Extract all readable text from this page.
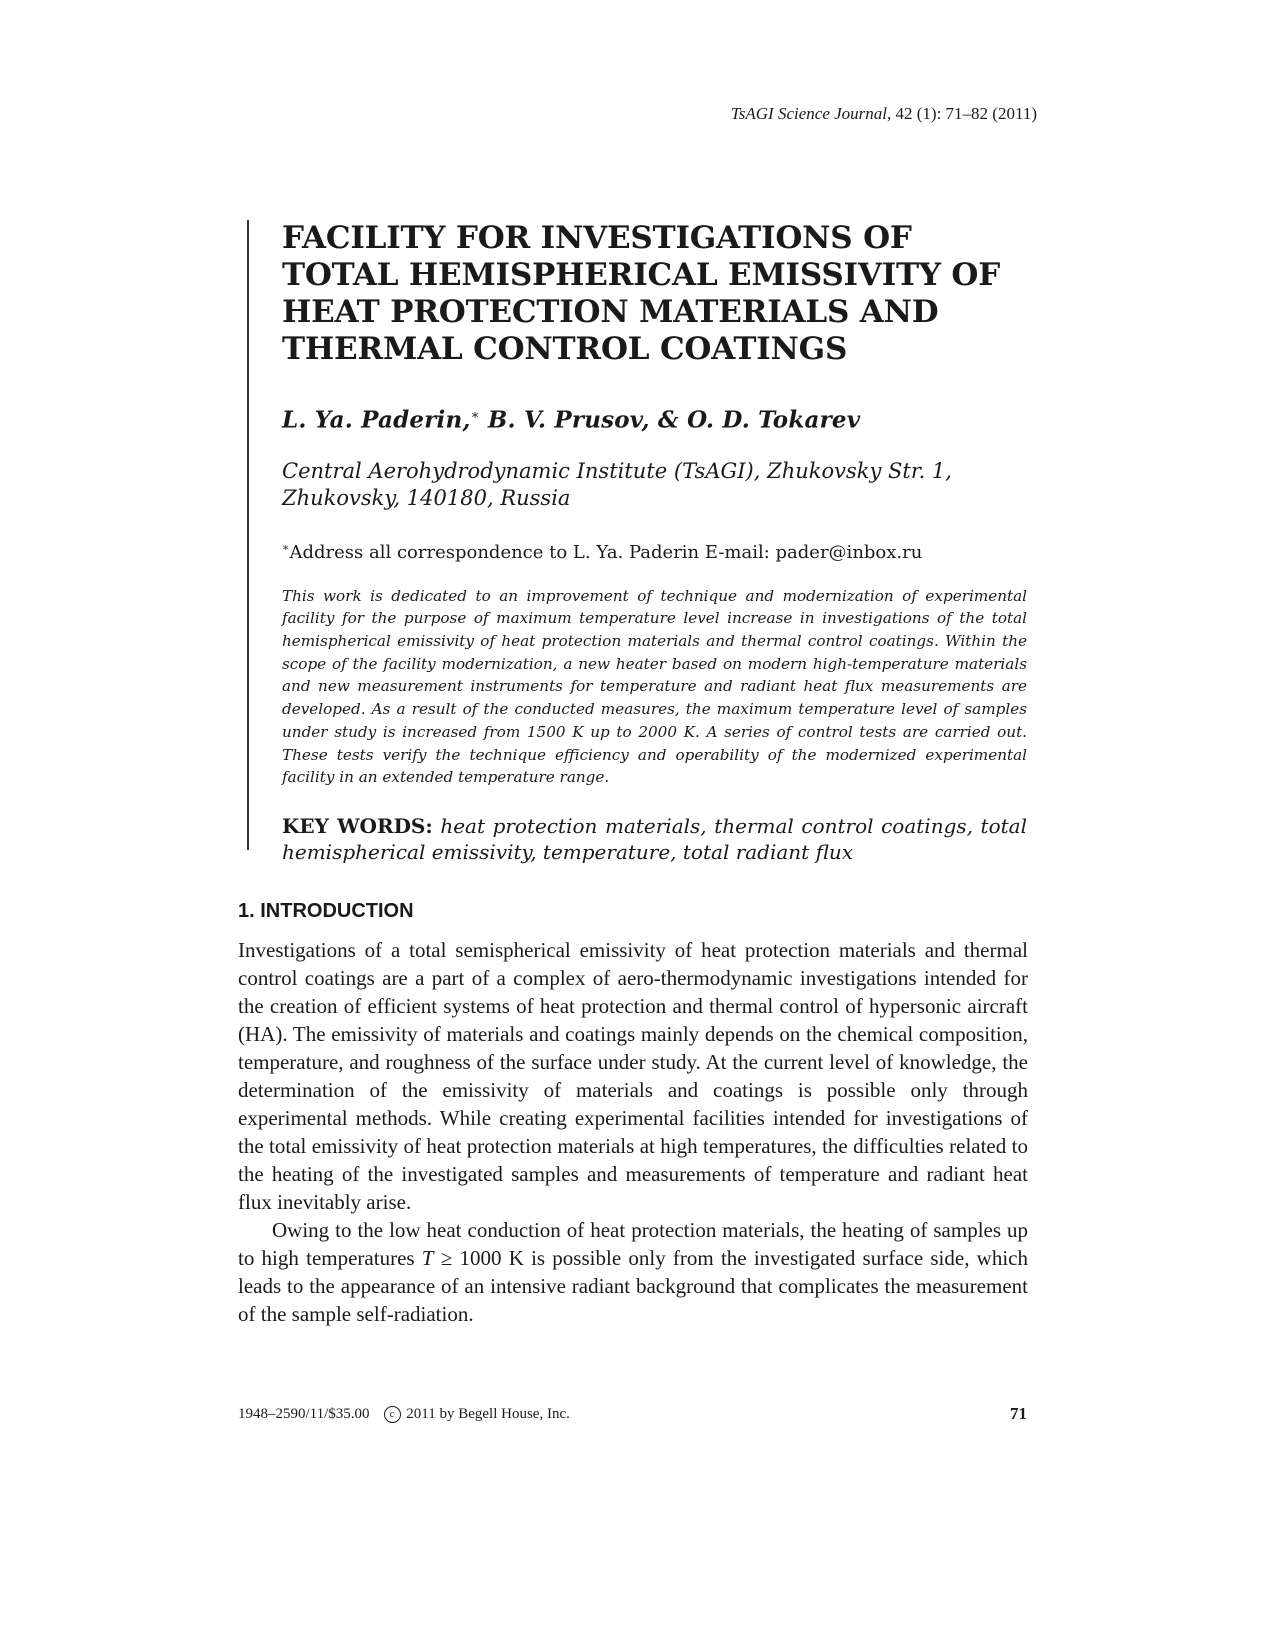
TsAGI Science Journal, 42 (1): 71–82 (2011)
FACILITY FOR INVESTIGATIONS OF TOTAL HEMISPHERICAL EMISSIVITY OF HEAT PROTECTION MATERIALS AND THERMAL CONTROL COATINGS

L. Ya. Paderin,∗ B. V. Prusov, & O. D. Tokarev

Central Aerohydrodynamic Institute (TsAGI), Zhukovsky Str. 1, Zhukovsky, 140180, Russia

∗Address all correspondence to L. Ya. Paderin E-mail: pader@inbox.ru

This work is dedicated to an improvement of technique and modernization of experimental facility for the purpose of maximum temperature level increase in investigations of the total hemispherical emissivity of heat protection materials and thermal control coatings. Within the scope of the facility modernization, a new heater based on modern high-temperature materials and new measurement instruments for temperature and radiant heat flux measurements are developed. As a result of the conducted measures, the maximum temperature level of samples under study is increased from 1500 K up to 2000 K. A series of control tests are carried out. These tests verify the technique efficiency and operability of the modernized experimental facility in an extended temperature range.

KEY WORDS: heat protection materials, thermal control coatings, total hemispherical emissivity, temperature, total radiant flux

1. INTRODUCTION

Investigations of a total semispherical emissivity of heat protection materials and thermal control coatings are a part of a complex of aero-thermodynamic investigations intended for the creation of efficient systems of heat protection and thermal control of hypersonic aircraft (HA). The emissivity of materials and coatings mainly depends on the chemical composition, temperature, and roughness of the surface under study. At the current level of knowledge, the determination of the emissivity of materials and coatings is possible only through experimental methods. While creating experimental facilities intended for investigations of the total emissivity of heat protection materials at high temperatures, the difficulties related to the heating of the investigated samples and measurements of temperature and radiant heat flux inevitably arise.

Owing to the low heat conduction of heat protection materials, the heating of samples up to high temperatures T ≥ 1000 K is possible only from the investigated surface side, which leads to the appearance of an intensive radiant background that complicates the measurement of the sample self-radiation.

1948–2590/11/$35.00 c 2011 by Begell House, Inc.	71
